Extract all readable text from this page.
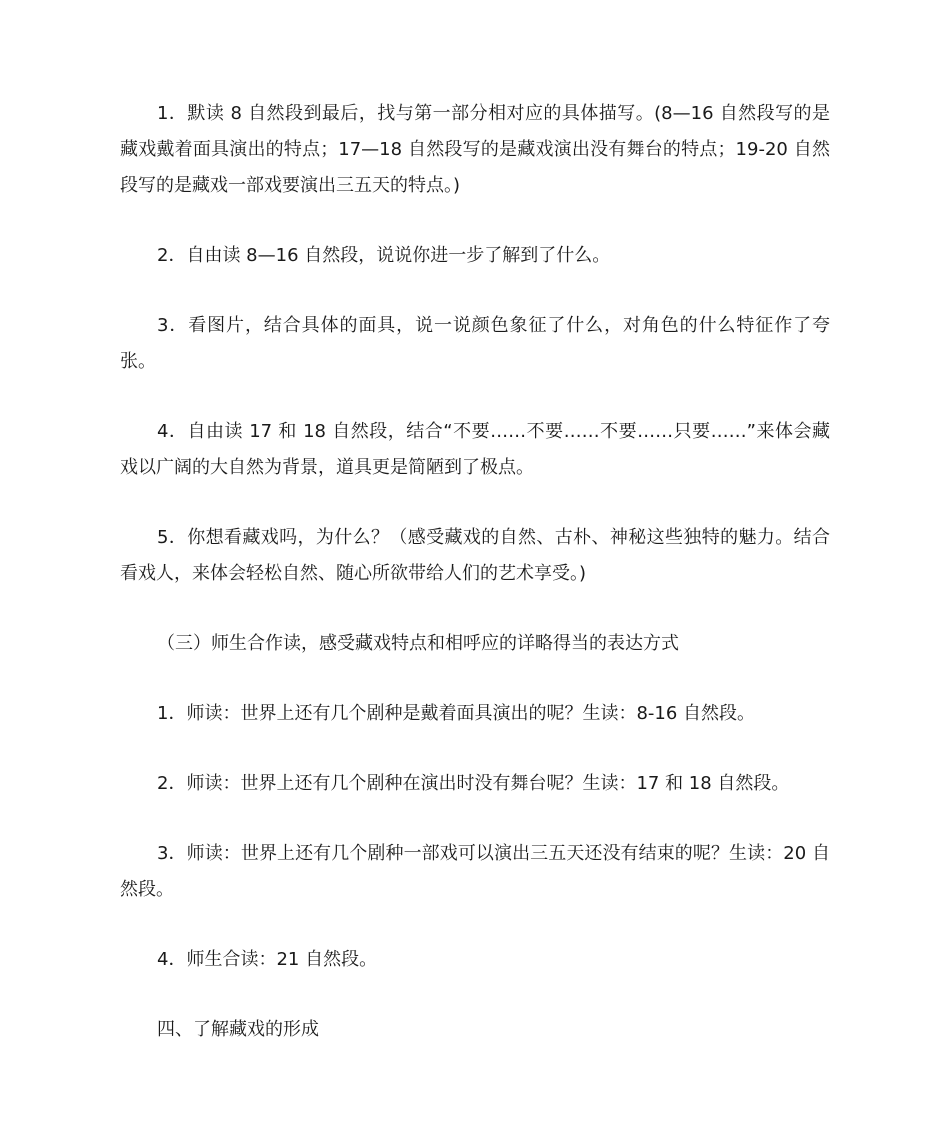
1．默读 8 自然段到最后，找与第一部分相对应的具体描写。(8—16 自然段写的是藏戏戴着面具演出的特点；17—18 自然段写的是藏戏演出没有舞台的特点；19-20 自然段写的是藏戏一部戏要演出三五天的特点。)

2．自由读 8—16 自然段，说说你进一步了解到了什么。

3．看图片，结合具体的面具，说一说颜色象征了什么，对角色的什么特征作了夸张。

4．自由读 17 和 18 自然段，结合“不要……不要……不要……只要……”来体会藏戏以广阔的大自然为背景，道具更是简陋到了极点。

5．你想看藏戏吗，为什么？（感受藏戏的自然、古朴、神秘这些独特的魅力。结合看戏人，来体会轻松自然、随心所欲带给人们的艺术享受。)

（三）师生合作读，感受藏戏特点和相呼应的详略得当的表达方式

1．师读：世界上还有几个剧种是戴着面具演出的呢？生读：8-16 自然段。

2．师读：世界上还有几个剧种在演出时没有舞台呢？生读：17 和 18 自然段。

3．师读：世界上还有几个剧种一部戏可以演出三五天还没有结束的呢？生读：20 自然段。

4．师生合读：21 自然段。

四、了解藏戏的形成
